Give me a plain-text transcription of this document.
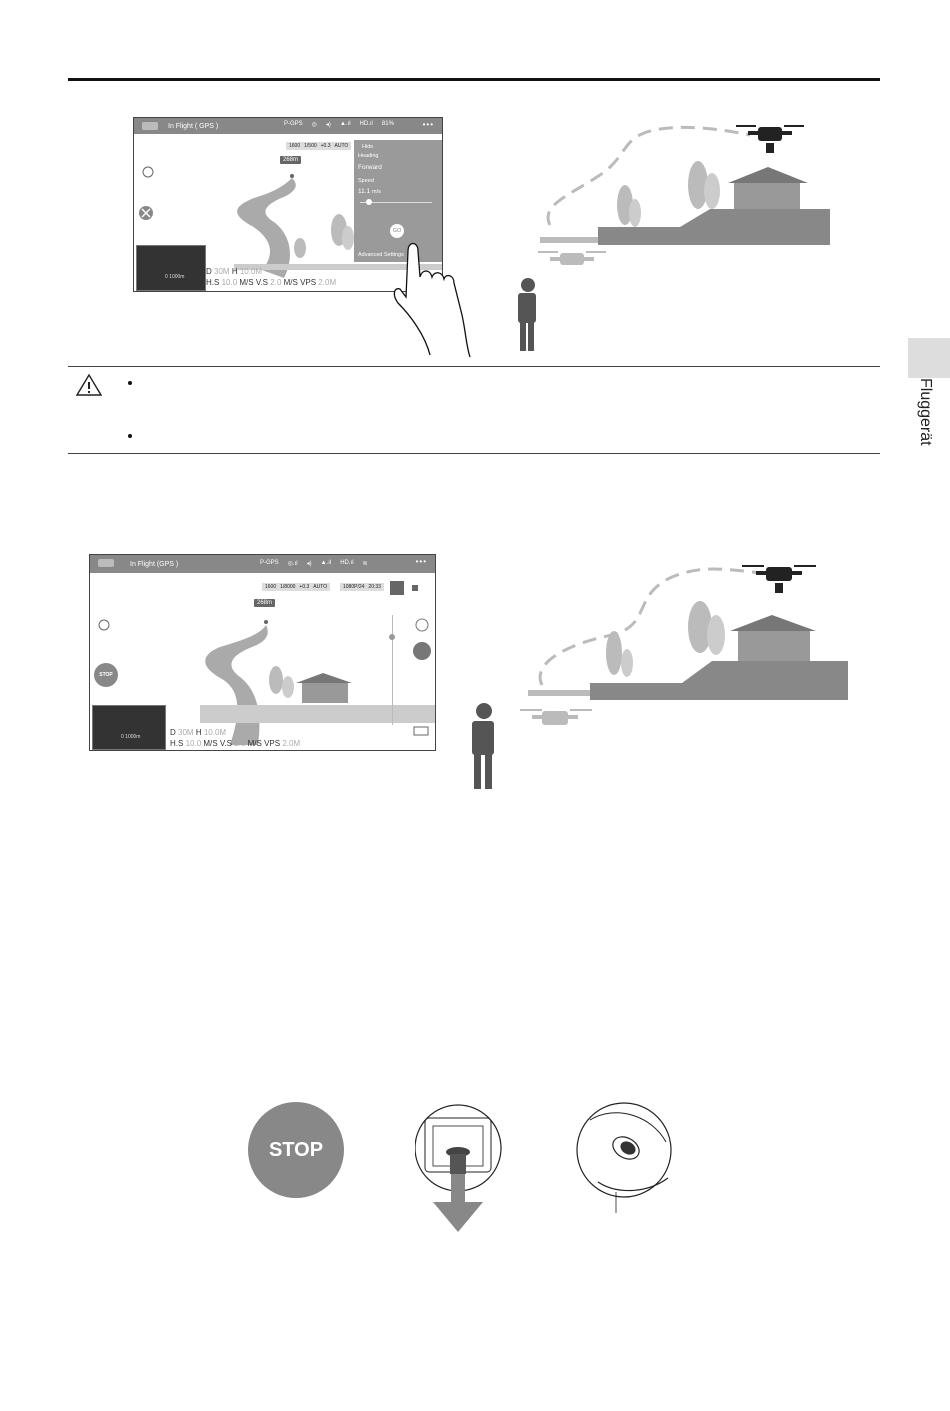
Fluggerät
In Flight ( GPS )	P-GPS ◎ ◂) ▲.ıl HD.ıl 81%	•••
1600 1/500 +0.3 AUTO
268m
Hide
Heading
Forward
Speed
11.1 m/s
GO
Advanced Settings
0 1000m
D 30M H 10.0M
H.S 10.0 M/S V.S 2.0 M/S VPS 2.0M
In Flight (GPS )	P-GPS ◎.ıl ◂) ▲.ıl HD.ıl ≋	•••
1600 1/8000 +0.3 AUTO	1080P/24 20:33
268m
STOP
0 1000m	D 30M H 10.0M
H.S 10.0 M/S V.S 2.0 M/S VPS 2.0M
STOP
